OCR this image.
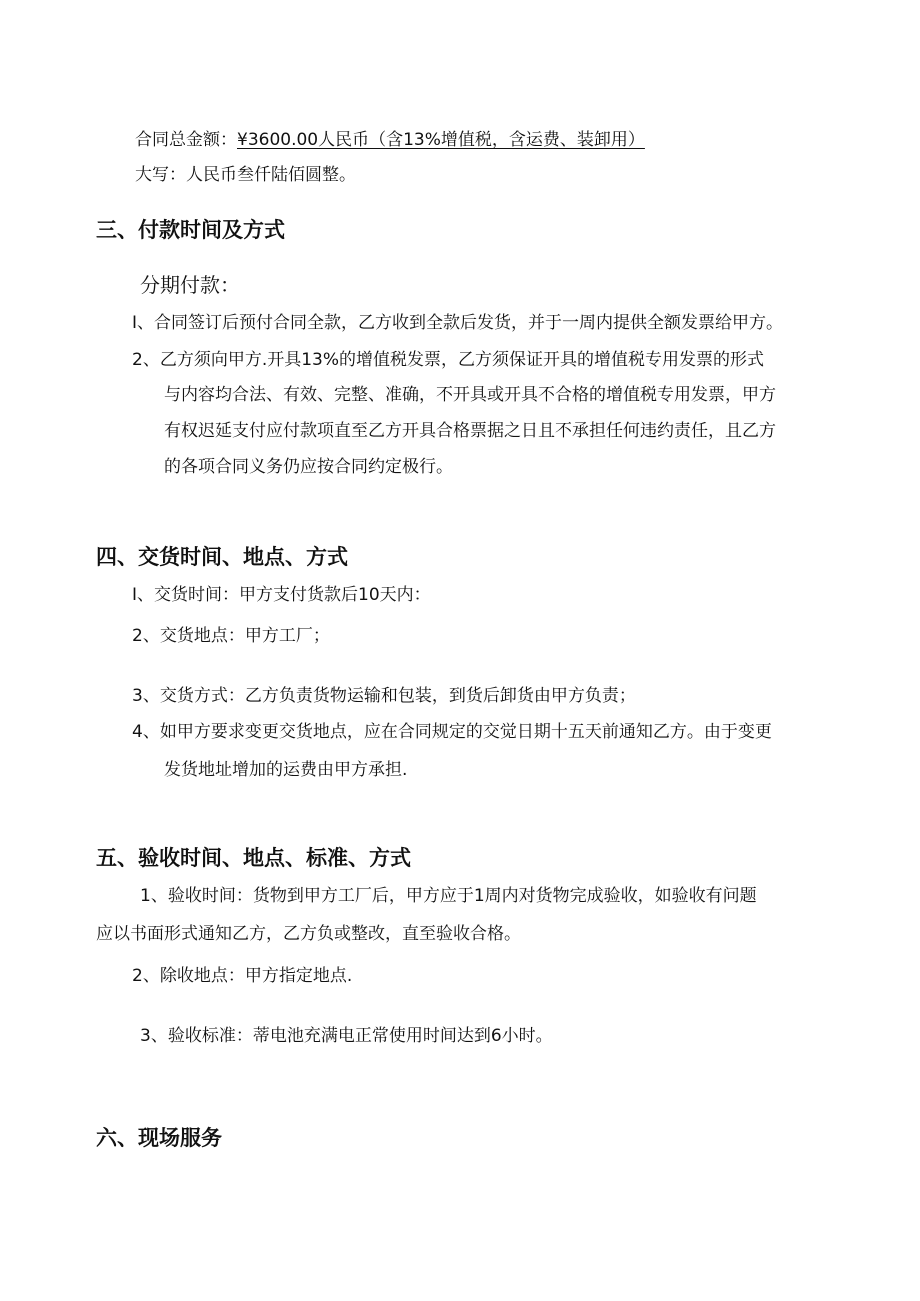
合同总金额：¥3600.00人民币（含13%增值税，含运费、装卸用）
大写：人民币叁仟陆佰圆整。
三、付款时间及方式
分期付款：
I、合同签订后预付合同全款，乙方收到全款后发货，并于一周内提供全额发票给甲方。
2、乙方须向甲方.开具13%的增值税发票，乙方须保证开具的增值税专用发票的形式
与内容均合法、有效、完整、准确，不开具或开具不合格的增值税专用发票，甲方
有权迟延支付应付款项直至乙方开具合格票据之日且不承担任何违约责任，且乙方
的各项合同义务仍应按合同约定极行。
四、交货时间、地点、方式
I、交货时间：甲方支付货款后10天内：
2、交货地点：甲方工厂；
3、交货方式：乙方负责货物运输和包装，到货后卸货由甲方负责；
4、如甲方要求变更交货地点，应在合同规定的交觉日期十五天前通知乙方。由于变更
发货地址增加的运费由甲方承担.
五、验收时间、地点、标准、方式
1、验收时间：货物到甲方工厂后，甲方应于1周内对货物完成验收，如验收有问题
应以书面形式通知乙方，乙方负或整改，直至验收合格。
2、除收地点：甲方指定地点.
3、验收标准：蒂电池充满电正常使用时间达到6小时。
六、现场服务
